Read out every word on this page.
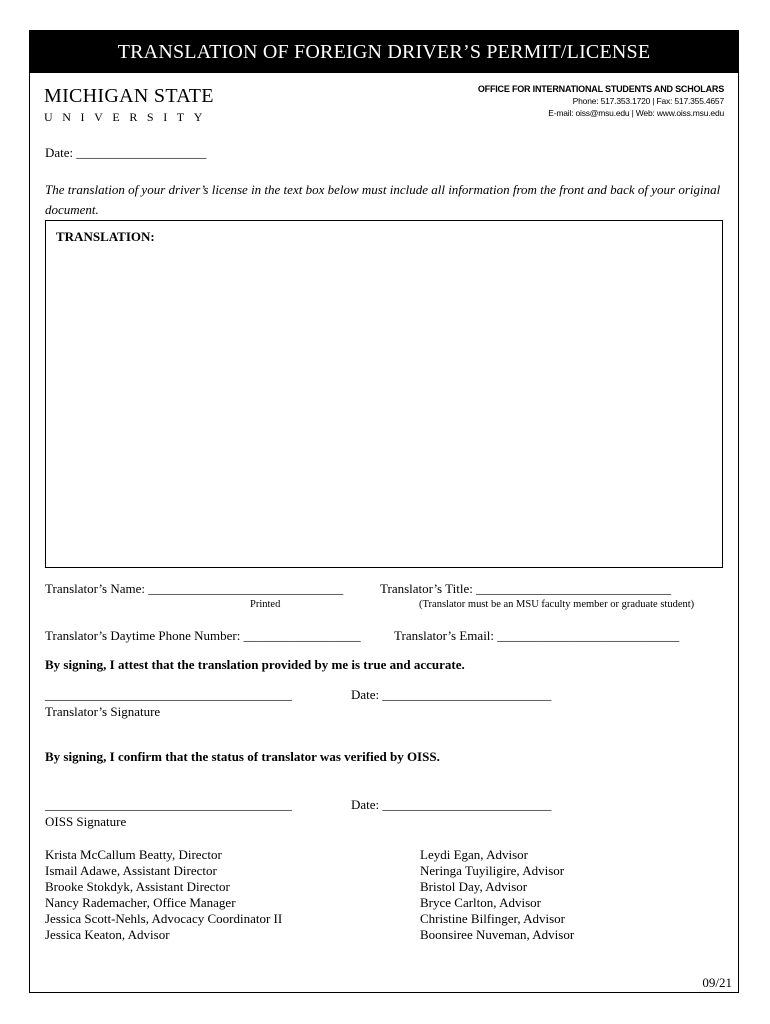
TRANSLATION OF FOREIGN DRIVER’S PERMIT/LICENSE
MICHIGAN STATE
UNIVERSITY
OFFICE FOR INTERNATIONAL STUDENTS AND SCHOLARS
Phone: 517.353.1720 | Fax: 517.355.4657
E-mail: oiss@msu.edu | Web: www.oiss.msu.edu
Date: ____________________
The translation of your driver’s license in the text box below must include all information from the front and back of your original document.
TRANSLATION:
Translator’s Name: ______________________________	Translator’s Title: ______________________________
Printed	(Translator must be an MSU faculty member or graduate student)
Translator’s Daytime Phone Number: __________________	Translator’s Email: ____________________________
By signing, I attest that the translation provided by me is true and accurate.
______________________________________	Date: __________________________
Translator’s Signature
By signing, I confirm that the status of translator was verified by OISS.
______________________________________	Date: __________________________
OISS Signature
Krista McCallum Beatty, Director
Ismail Adawe, Assistant Director
Brooke Stokdyk, Assistant Director
Nancy Rademacher, Office Manager
Jessica Scott-Nehls, Advocacy Coordinator II
Jessica Keaton, Advisor
Leydi Egan, Advisor
Neringa Tuyiligire, Advisor
Bristol Day, Advisor
Bryce Carlton, Advisor
Christine Bilfinger, Advisor
Boonsiree Nuveman, Advisor
09/21
